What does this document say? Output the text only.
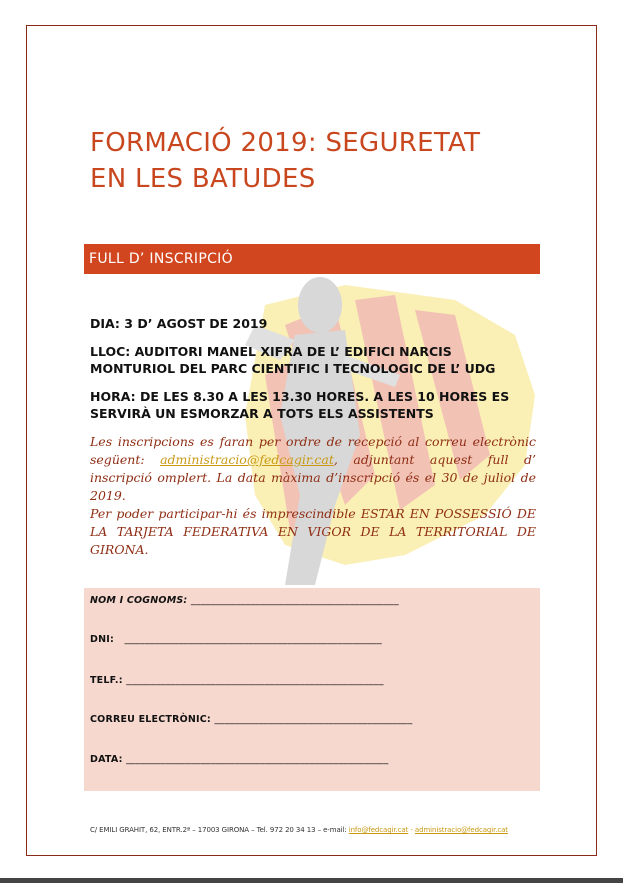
FORMACIÓ 2019: SEGURETAT
EN LES BATUDES
FULL D’ INSCRIPCIÓ

DIA: 3 D’ AGOST DE 2019

LLOC: AUDITORI MANEL XIFRA DE L’ EDIFICI NARCIS MONTURIOL DEL PARC CIENTIFIC I TECNOLOGIC DE L’ UDG

HORA: DE LES 8.30 A LES 13.30 HORES. A LES 10 HORES ES SERVIRÀ UN ESMORZAR A TOTS ELS ASSISTENTS

Les inscripcions es faran per ordre de recepció al correu electrònic següent: administracio@fedcagir.cat, adjuntant aquest full d’ inscripció omplert. La data màxima d’inscripció és el 30 de juliol de 2019.

Per poder participar-hi és imprescindible ESTAR EN POSSESSIÓ DE LA TARJETA FEDERATIVA EN VIGOR DE LA TERRITORIAL DE GIRONA.

NOM I COGNOMS: __________________________________________
DNI: ____________________________________________________
TELF.: ____________________________________________________
CORREU ELECTRÒNIC: ________________________________________
DATA: _____________________________________________________
C/ EMILI GRAHIT, 62, ENTR.2ª – 17003 GIRONA – Tel. 972 20 34 13 – e-mail: info@fedcagir.cat - administracio@fedcagir.cat
